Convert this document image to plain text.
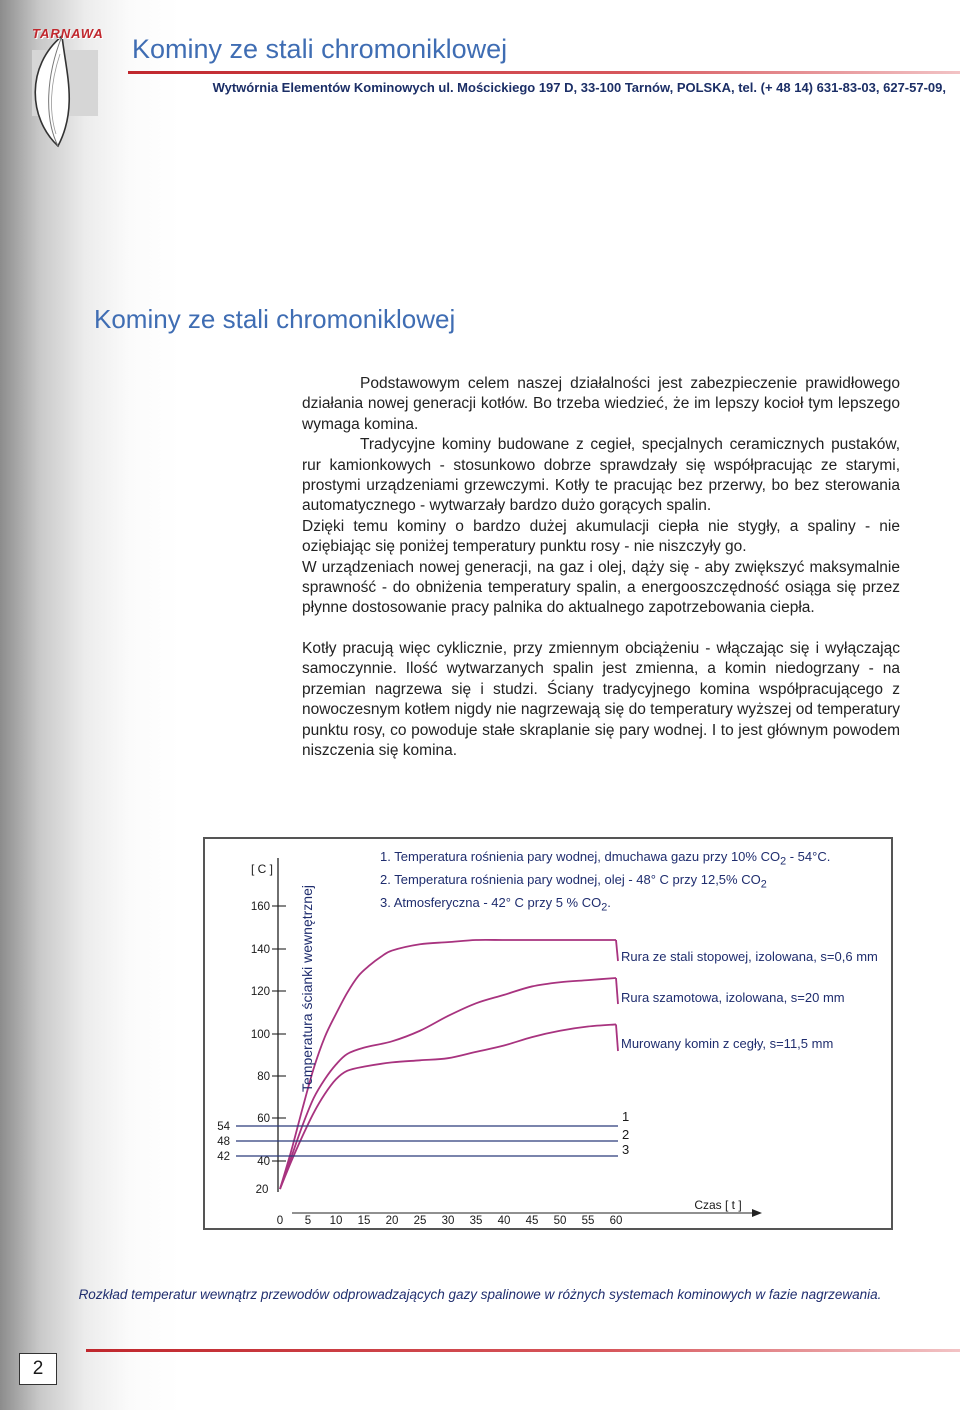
TARNAWA
Kominy ze stali chromoniklowej
Wytwórnia Elementów Kominowych ul. Mościckiego 197 D, 33-100 Tarnów, POLSKA, tel. (+ 48 14) 631-83-03, 627-57-09,
Kominy ze stali chromoniklowej

Podstawowym celem naszej działalności jest zabezpieczenie prawidłowego działania nowej generacji kotłów. Bo trzeba wiedzieć, że im lepszy kocioł tym lepszego wymaga komina.

Tradycyjne kominy budowane z cegieł, specjalnych ceramicznych pustaków, rur kamionkowych - stosunkowo dobrze sprawdzały się współpracując ze starymi, prostymi urządzeniami grzewczymi. Kotły te pracując bez przerwy, bo bez sterowania automatycznego - wytwarzały bardzo dużo gorących spalin.

Dzięki temu kominy o bardzo dużej akumulacji ciepła nie stygły, a spaliny - nie oziębiając się poniżej temperatury punktu rosy - nie niszczyły go.

W urządzeniach nowej generacji, na gaz i olej, dąży się - aby zwiększyć maksymalnie sprawność - do obniżenia temperatury spalin, a energooszczędność osiąga się przez płynne dostosowanie pracy palnika do aktualnego zapotrzebowania ciepła.

Kotły pracują więc cyklicznie, przy zmiennym obciążeniu - włączając się i wyłączając samoczynnie. Ilość wytwarzanych spalin jest zmienna, a komin niedogrzany - na przemian nagrzewa się i studzi. Ściany tradycyjnego komina współpracującego z nowoczesnym kotłem nigdy nie nagrzewają się do temperatury wyższej od temperatury punktu rosy, co powoduje stałe skraplanie się pary wodnej. I to jest głównym powodem niszczenia się komina.

20
40
60
80
100
120
140
160
0 5 10 15 20 25 30 35 40 45 50 55 60
Rura ze stali stopowej, izolowana, s=0,6 mm
Rura szamotowa, izolowana, s=20 mm
Murowany komin z cegły, s=11,5 mm
54
1
48	2
42	3
[ C ]
Temperatura ścianki wewnętrznej
Czas [ t ]
1. Temperatura rośnienia pary wodnej, dmuchawa gazu przy 10% $CO_2 - 54^\circ C$.
2. Temperatura rośnienia pary wodnej, olej - 48° C przy 12,5% $CO_2$
3. Atmosferyczna - 42° C przy 5 % $CO_2$.
Rozkład temperatur wewnątrz przewodów odprowadzających gazy spalinowe w różnych systemach kominowych w fazie nagrzewania.
2
